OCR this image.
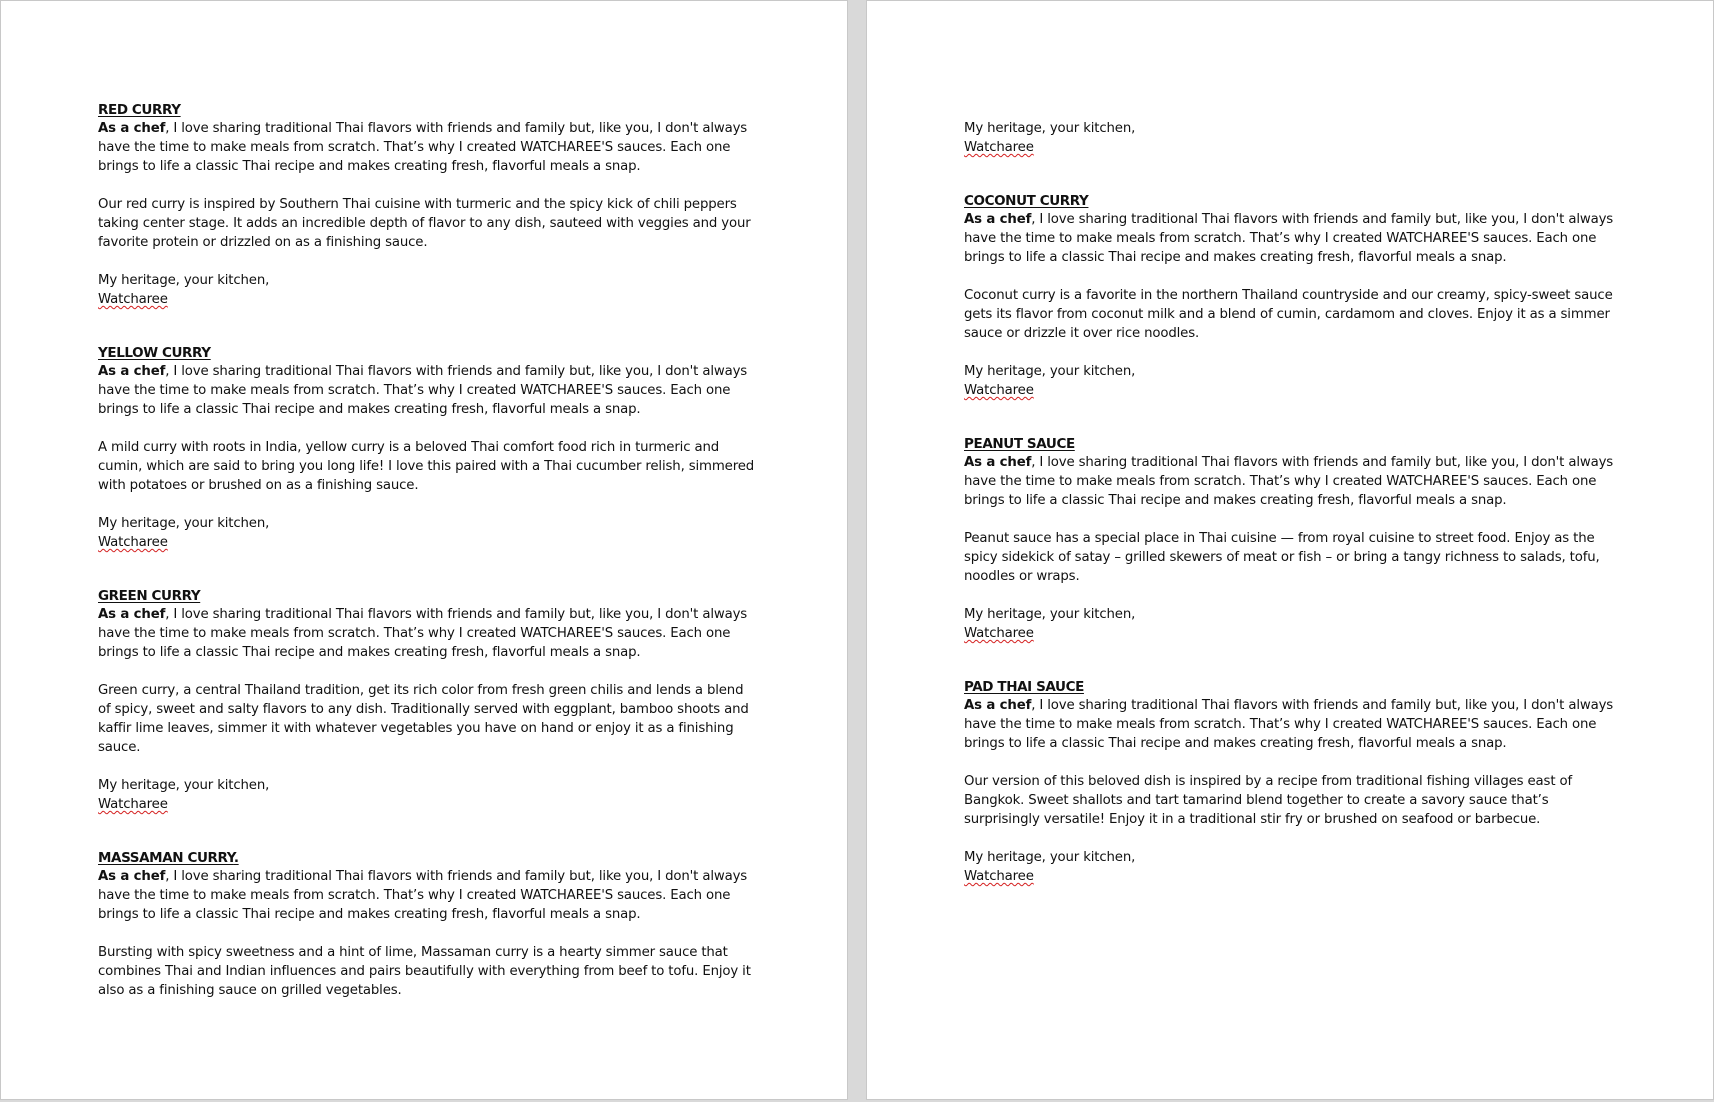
RED CURRY

As a chef, I love sharing traditional Thai flavors with friends and family but, like you, I don't always have the time to make meals from scratch. That’s why I created WATCHAREE'S sauces. Each one brings to life a classic Thai recipe and makes creating fresh, flavorful meals a snap.

Our red curry is inspired by Southern Thai cuisine with turmeric and the spicy kick of chili peppers taking center stage. It adds an incredible depth of flavor to any dish, sauteed with veggies and your favorite protein or drizzled on as a finishing sauce.

My heritage, your kitchen,

Watcharee

YELLOW CURRY

As a chef, I love sharing traditional Thai flavors with friends and family but, like you, I don't always have the time to make meals from scratch. That’s why I created WATCHAREE'S sauces. Each one brings to life a classic Thai recipe and makes creating fresh, flavorful meals a snap.

A mild curry with roots in India, yellow curry is a beloved Thai comfort food rich in turmeric and cumin, which are said to bring you long life! I love this paired with a Thai cucumber relish, simmered with potatoes or brushed on as a finishing sauce.

My heritage, your kitchen,

Watcharee

GREEN CURRY

As a chef, I love sharing traditional Thai flavors with friends and family but, like you, I don't always have the time to make meals from scratch. That’s why I created WATCHAREE'S sauces. Each one brings to life a classic Thai recipe and makes creating fresh, flavorful meals a snap.

Green curry, a central Thailand tradition, get its rich color from fresh green chilis and lends a blend of spicy, sweet and salty flavors to any dish. Traditionally served with eggplant, bamboo shoots and kaffir lime leaves, simmer it with whatever vegetables you have on hand or enjoy it as a finishing sauce.

My heritage, your kitchen,

Watcharee

MASSAMAN CURRY.

As a chef, I love sharing traditional Thai flavors with friends and family but, like you, I don't always have the time to make meals from scratch. That’s why I created WATCHAREE'S sauces. Each one brings to life a classic Thai recipe and makes creating fresh, flavorful meals a snap.

Bursting with spicy sweetness and a hint of lime, Massaman curry is a hearty simmer sauce that combines Thai and Indian influences and pairs beautifully with everything from beef to tofu. Enjoy it also as a finishing sauce on grilled vegetables.

My heritage, your kitchen,

Watcharee

COCONUT CURRY

As a chef, I love sharing traditional Thai flavors with friends and family but, like you, I don't always have the time to make meals from scratch. That’s why I created WATCHAREE'S sauces. Each one brings to life a classic Thai recipe and makes creating fresh, flavorful meals a snap.

Coconut curry is a favorite in the northern Thailand countryside and our creamy, spicy-sweet sauce gets its flavor from coconut milk and a blend of cumin, cardamom and cloves. Enjoy it as a simmer sauce or drizzle it over rice noodles.

My heritage, your kitchen,

Watcharee

PEANUT SAUCE

As a chef, I love sharing traditional Thai flavors with friends and family but, like you, I don't always have the time to make meals from scratch. That’s why I created WATCHAREE'S sauces. Each one brings to life a classic Thai recipe and makes creating fresh, flavorful meals a snap.

Peanut sauce has a special place in Thai cuisine — from royal cuisine to street food. Enjoy as the spicy sidekick of satay – grilled skewers of meat or fish – or bring a tangy richness to salads, tofu, noodles or wraps.

My heritage, your kitchen,

Watcharee

PAD THAI SAUCE

As a chef, I love sharing traditional Thai flavors with friends and family but, like you, I don't always have the time to make meals from scratch. That’s why I created WATCHAREE'S sauces. Each one brings to life a classic Thai recipe and makes creating fresh, flavorful meals a snap.

Our version of this beloved dish is inspired by a recipe from traditional fishing villages east of Bangkok. Sweet shallots and tart tamarind blend together to create a savory sauce that’s surprisingly versatile! Enjoy it in a traditional stir fry or brushed on seafood or barbecue.

My heritage, your kitchen,

Watcharee
